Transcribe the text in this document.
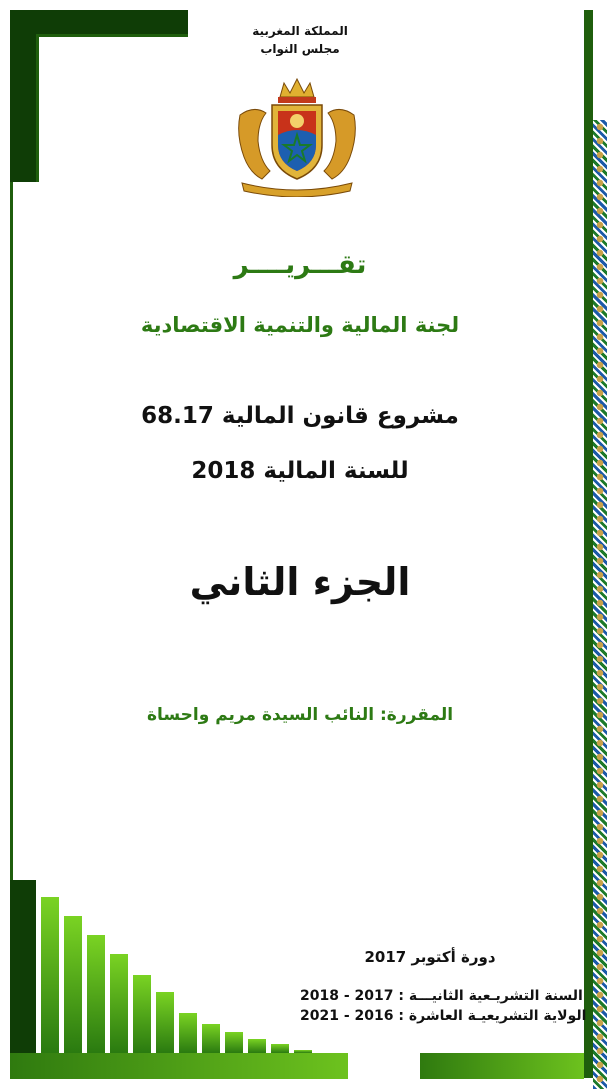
المملكة المغربية
مجلس النواب
تقـــريــــر
لجنة المالية والتنمية الاقتصادية
مشروع قانون المالية 68.17
للسنة المالية 2018
الجزء الثاني
المقررة: النائب السيدة مريم واحساة
دورة أكتوبر 2017
السنة التشريـعية الثانيـــة : 2017 - 2018
الولاية التشريعيـة العاشرة : 2016 - 2021
